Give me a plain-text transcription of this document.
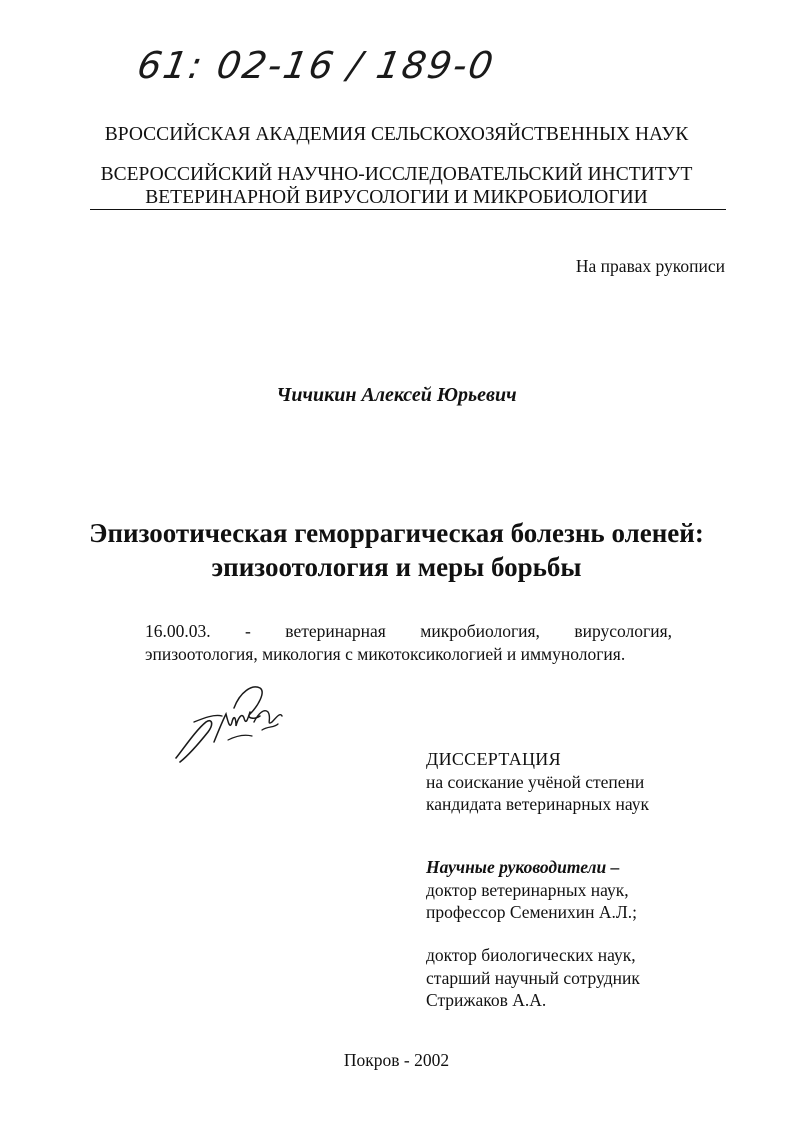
61: 02-16 / 189-0
ВРОССИЙСКАЯ АКАДЕМИЯ СЕЛЬСКОХОЗЯЙСТВЕННЫХ НАУК
ВСЕРОССИЙСКИЙ НАУЧНО-ИССЛЕДОВАТЕЛЬСКИЙ ИНСТИТУТ
ВЕТЕРИНАРНОЙ ВИРУСОЛОГИИ И МИКРОБИОЛОГИИ
На правах рукописи
Чичикин Алексей Юрьевич
Эпизоотическая геморрагическая болезнь оленей:
эпизоотология и меры борьбы
16.00.03. - ветеринарная микробиология, вирусология,
эпизоотология, микология с микотоксикологией и иммунология.
ДИССЕРТАЦИЯ
на соискание учёной степени
кандидата ветеринарных наук
Научные руководители –
доктор ветеринарных наук,
профессор Семенихин А.Л.;
доктор биологических наук,
старший научный сотрудник
Стрижаков А.А.
Покров - 2002
